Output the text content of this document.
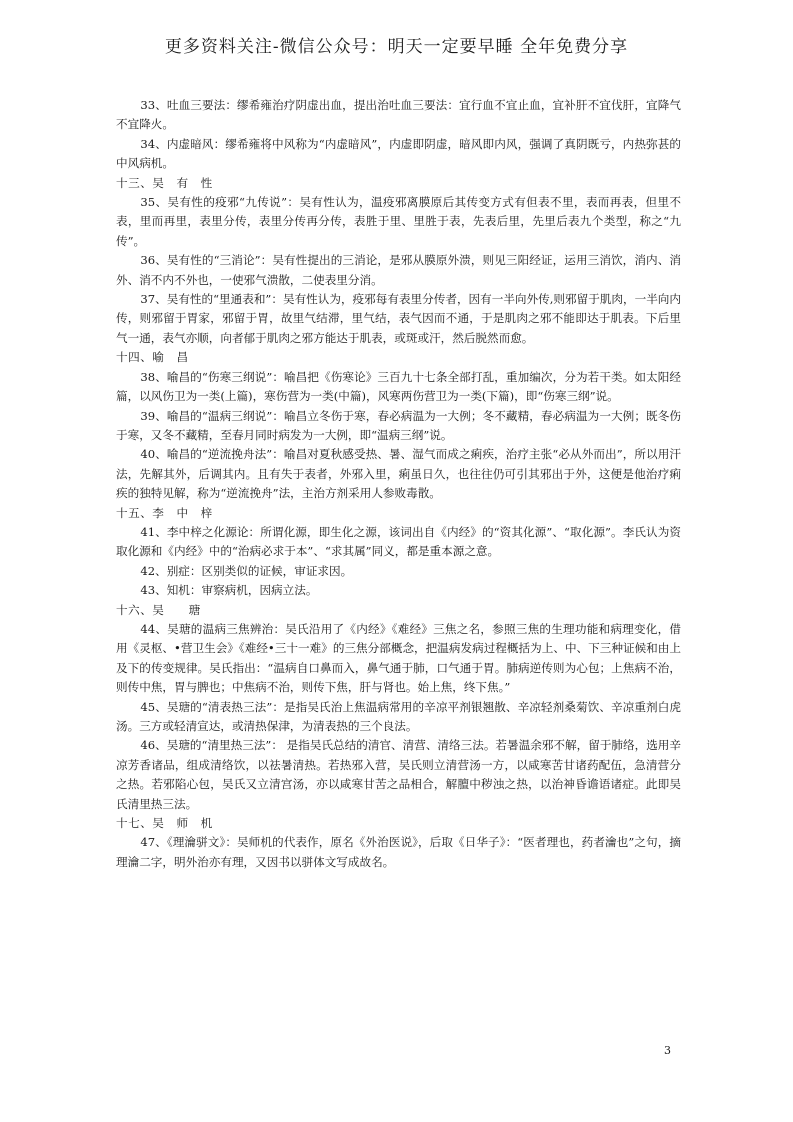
更多资料关注-微信公众号：明天一定要早睡 全年免费分享

33、吐血三要法：缪希雍治疗阴虚出血，提出治吐血三要法：宜行血不宜止血，宜补肝不宜伐肝，宜降气不宜降火。

34、内虚暗风：缪希雍将中风称为“内虚暗风”，内虚即阴虚，暗风即内风，强调了真阴既亏，内热弥甚的中风病机。

十三、吴　有　性

35、吴有性的疫邪“九传说”：吴有性认为，温疫邪离膜原后其传变方式有但表不里，表而再表，但里不表，里而再里，表里分传，表里分传再分传，表胜于里、里胜于表，先表后里，先里后表九个类型，称之“九传”。

36、吴有性的“三消论”：吴有性提出的三消论，是邪从膜原外溃，则见三阳经证，运用三消饮，消内、消外、消不内不外也，一使邪气溃散，二使表里分消。

37、吴有性的“里通表和”：吴有性认为，疫邪每有表里分传者，因有一半向外传,则邪留于肌肉，一半向内传，则邪留于胃家，邪留于胃，故里气结滞，里气结，表气因而不通，于是肌肉之邪不能即达于肌表。下后里气一通，表气亦顺，向者郁于肌肉之邪方能达于肌表，或斑或汗，然后脱然而愈。

十四、喻　昌

38、喻昌的“伤寒三纲说”：喻昌把《伤寒论》三百九十七条全部打乱，重加编次，分为若干类。如太阳经篇，以风伤卫为一类(上篇)，寒伤营为一类(中篇)，风寒两伤营卫为一类(下篇)，即“伤寒三纲”说。

39、喻昌的“温病三纲说”：喻昌立冬伤于寒，春必病温为一大例；冬不藏精，春必病温为一大例；既冬伤于寒，又冬不藏精，至春月同时病发为一大例，即“温病三纲”说。

40、喻昌的“逆流挽舟法”：喻昌对夏秋感受热、暑、湿气而成之痢疾，治疗主张“必从外而出”，所以用汗法，先解其外，后调其内。且有失于表者，外邪入里，痢虽日久，也往往仍可引其邪出于外，这便是他治疗痢疾的独特见解，称为“逆流挽舟”法，主治方剂采用人参败毒散。

十五、李　中　梓

41、李中梓之化源论：所谓化源，即生化之源，该词出自《内经》的“资其化源”、“取化源”。李氏认为资取化源和《内经》中的“治病必求于本”、“求其属”同义，都是重本源之意。

42、别症：区别类似的证候，审证求因。

43、知机：审察病机，因病立法。

十六、吴　　瑭

44、吴瑭的温病三焦辨治：吴氏沿用了《内经》《难经》三焦之名，参照三焦的生理功能和病理变化，借用《灵枢、•营卫生会》《难经•三十一难》的三焦分部概念，把温病发病过程概括为上、中、下三种证候和由上及下的传变规律。吴氏指出：“温病自口鼻而入，鼻气通于肺，口气通于胃。肺病逆传则为心包；上焦病不治，则传中焦，胃与脾也；中焦病不治，则传下焦，肝与肾也。始上焦，终下焦。”

45、吴瑭的“清表热三法”：是指吴氏治上焦温病常用的辛凉平剂银翘散、辛凉轻剂桑菊饮、辛凉重剂白虎汤。三方或轻清宣达，或清热保津，为清表热的三个良法。

46、吴瑭的“清里热三法”： 是指吴氏总结的清官、清营、清络三法。若暑温余邪不解，留于肺络，选用辛凉芳香诸品，组成清络饮，以祛暑清热。若热邪入营，吴氏则立清营汤一方，以咸寒苦甘诸药配伍，急清营分之热。若邪陷心包，吴氏又立清宫汤，亦以咸寒甘苦之品相合，解膻中秽浊之热，以治神昏谵语诸症。此即吴氏清里热三法。

十七、吴　师　机

47、《理瀹骈文》：吴师机的代表作，原名《外治医说》，后取《日华子》：“医者理也，药者瀹也”之句，摘理瀹二字，明外治亦有理，又因书以骈体文写成故名。

3
